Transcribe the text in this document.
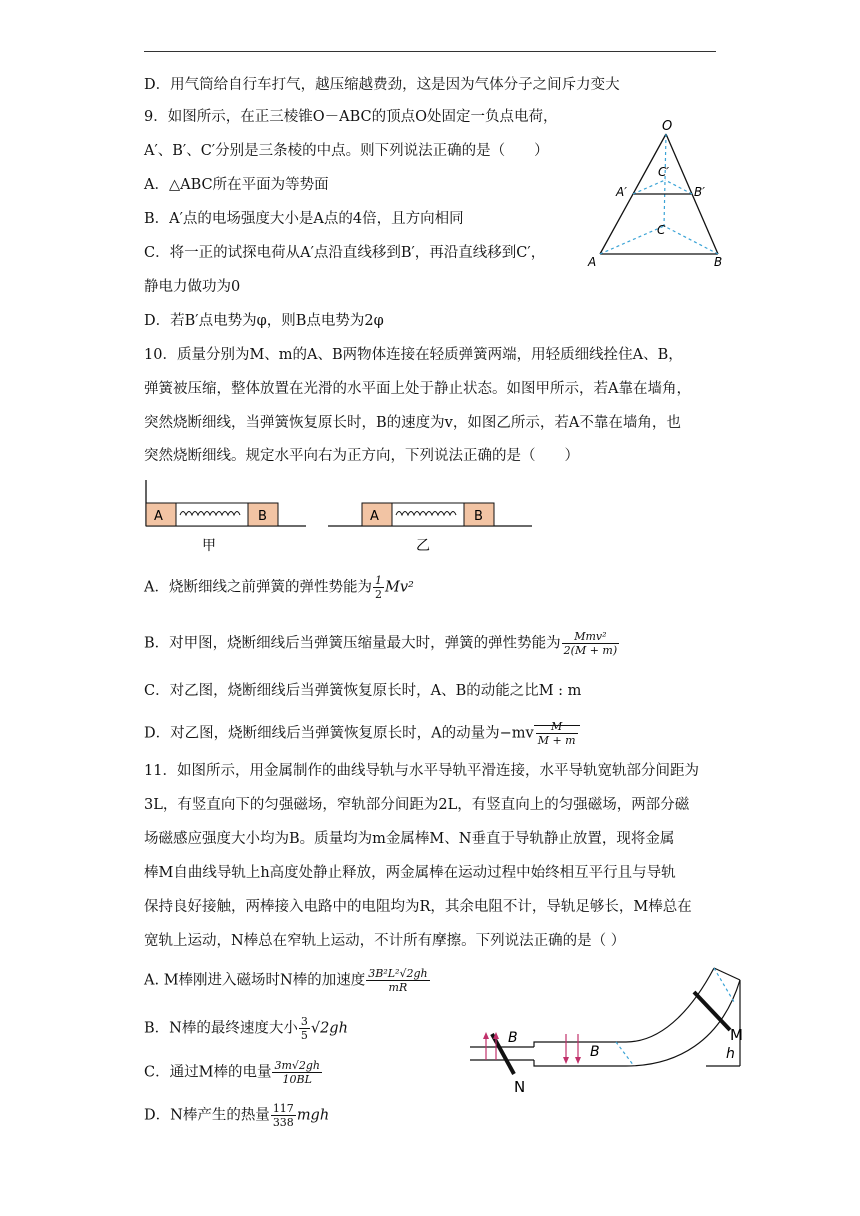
D．用气筒给自行车打气，越压缩越费劲，这是因为气体分子之间斥力变大
9．如图所示，在正三棱锥O－ABC的顶点O处固定一负点电荷，
A′、B′、C′分别是三条棱的中点。则下列说法正确的是（　　）
A．△ABC所在平面为等势面
B．A′点的电场强度大小是A点的4倍，且方向相同
C．将一正的试探电荷从A′点沿直线移到B′，再沿直线移到C′，
静电力做功为0
D．若B′点电势为φ，则B点电势为2φ
O
C′
A′	B′
C
A	B
10．质量分别为M、m的A、B两物体连接在轻质弹簧两端，用轻质细线拴住A、B，
弹簧被压缩，整体放置在光滑的水平面上处于静止状态。如图甲所示，若A靠在墙角，
突然烧断细线，当弹簧恢复原长时，B的速度为v，如图乙所示，若A不靠在墙角，也
突然烧断细线。规定水平向右为正方向，下列说法正确的是（　　）
A	B
甲
A	B
乙
A．烧断细线之前弹簧的弹性势能为 $\frac{1}{2} Mv^2$
B．对甲图，烧断细线后当弹簧压缩量最大时，弹簧的弹性势能为 $\frac{\text{Mmv²}}{2(M + m)}$
C．对乙图，烧断细线后当弹簧恢复原长时，A、B的动能之比M : m
D．对乙图，烧断细线后当弹簧恢复原长时，A的动量为$-mv \frac{M}{M + m}$
11．如图所示，用金属制作的曲线导轨与水平导轨平滑连接，水平导轨宽轨部分间距为
3L，有竖直向下的匀强磁场，窄轨部分间距为2L，有竖直向上的匀强磁场，两部分磁
场磁感应强度大小均为B。质量均为m金属棒M、N垂直于导轨静止放置，现将金属
棒M自曲线导轨上h高度处静止释放，两金属棒在运动过程中始终相互平行且与导轨
保持良好接触，两棒接入电路中的电阻均为R，其余电阻不计，导轨足够长，M棒总在
宽轨上运动，N棒总在窄轨上运动，不计所有摩擦。下列说法正确的是（ ）
A. M棒刚进入磁场时N棒的加速度 $\frac{\text{3B²L²√2gh}}{mR}$
B．N棒的最终速度大小 $\frac{3}{5} √2gh$
C．通过M棒的电量 $\frac{3m√2gh}{10BL}$
D．N棒产生的热量 $\frac{117}{338}$ mgh
B
B
M
h
N
